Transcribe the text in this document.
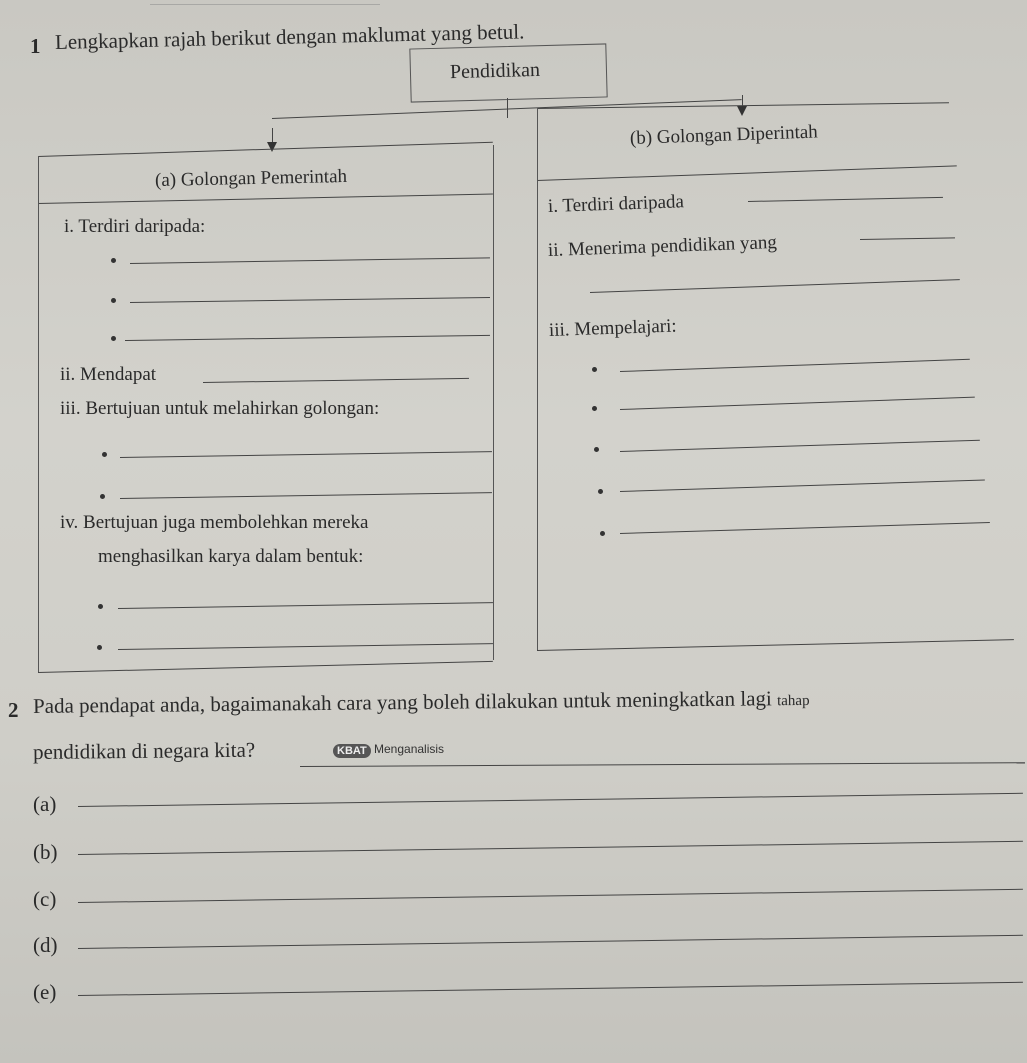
1 Lengkapkan rajah berikut dengan maklumat yang betul.
Pendidikan
(a) Golongan Pemerintah
i. Terdiri daripada:
ii. Mendapat
iii. Bertujuan untuk melahirkan golongan:
iv. Bertujuan juga membolehkan mereka
menghasilkan karya dalam bentuk:
(b) Golongan Diperintah
i. Terdiri daripada
ii. Menerima pendidikan yang
iii. Mempelajari:
2 Pada pendapat anda, bagaimanakah cara yang boleh dilakukan untuk meningkatkan lagi tahap
pendidikan di negara kita?	KBAT Menganalisis
(a)
(b)
(c)
(d)
(e)
